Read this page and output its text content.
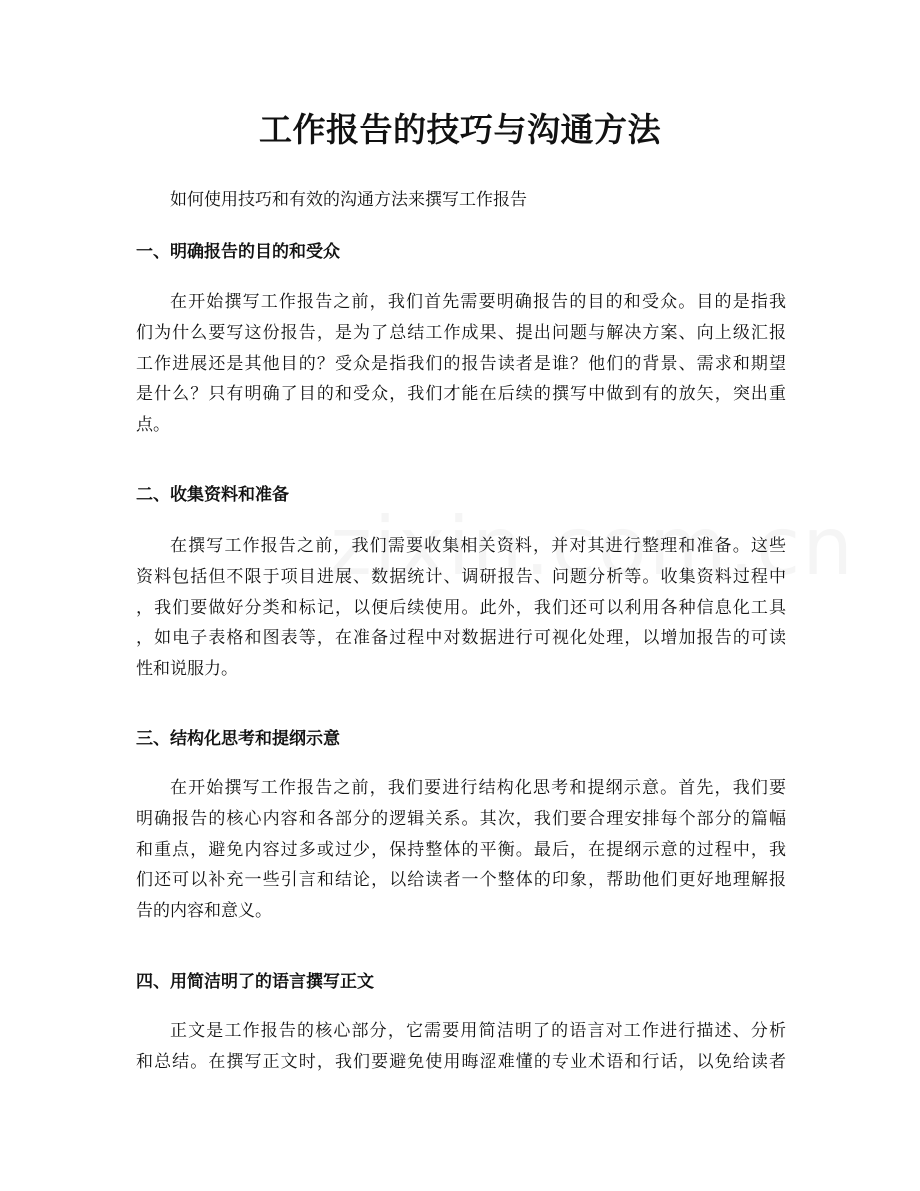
工作报告的技巧与沟通方法

如何使用技巧和有效的沟通方法来撰写工作报告

一、明确报告的目的和受众
在开始撰写工作报告之前，我们首先需要明确报告的目的和受众。目的是指我
们为什么要写这份报告，是为了总结工作成果、提出问题与解决方案、向上级汇报
工作进展还是其他目的？受众是指我们的报告读者是谁？他们的背景、需求和期望
是什么？只有明确了目的和受众，我们才能在后续的撰写中做到有的放矢，突出重
点。
二、收集资料和准备
在撰写工作报告之前，我们需要收集相关资料，并对其进行整理和准备。这些
资料包括但不限于项目进展、数据统计、调研报告、问题分析等。收集资料过程中
，我们要做好分类和标记，以便后续使用。此外，我们还可以利用各种信息化工具
，如电子表格和图表等，在准备过程中对数据进行可视化处理，以增加报告的可读
性和说服力。
三、结构化思考和提纲示意
在开始撰写工作报告之前，我们要进行结构化思考和提纲示意。首先，我们要
明确报告的核心内容和各部分的逻辑关系。其次，我们要合理安排每个部分的篇幅
和重点，避免内容过多或过少，保持整体的平衡。最后，在提纲示意的过程中，我
们还可以补充一些引言和结论，以给读者一个整体的印象，帮助他们更好地理解报
告的内容和意义。
四、用简洁明了的语言撰写正文
正文是工作报告的核心部分，它需要用简洁明了的语言对工作进行描述、分析
和总结。在撰写正文时，我们要避免使用晦涩难懂的专业术语和行话，以免给读者
